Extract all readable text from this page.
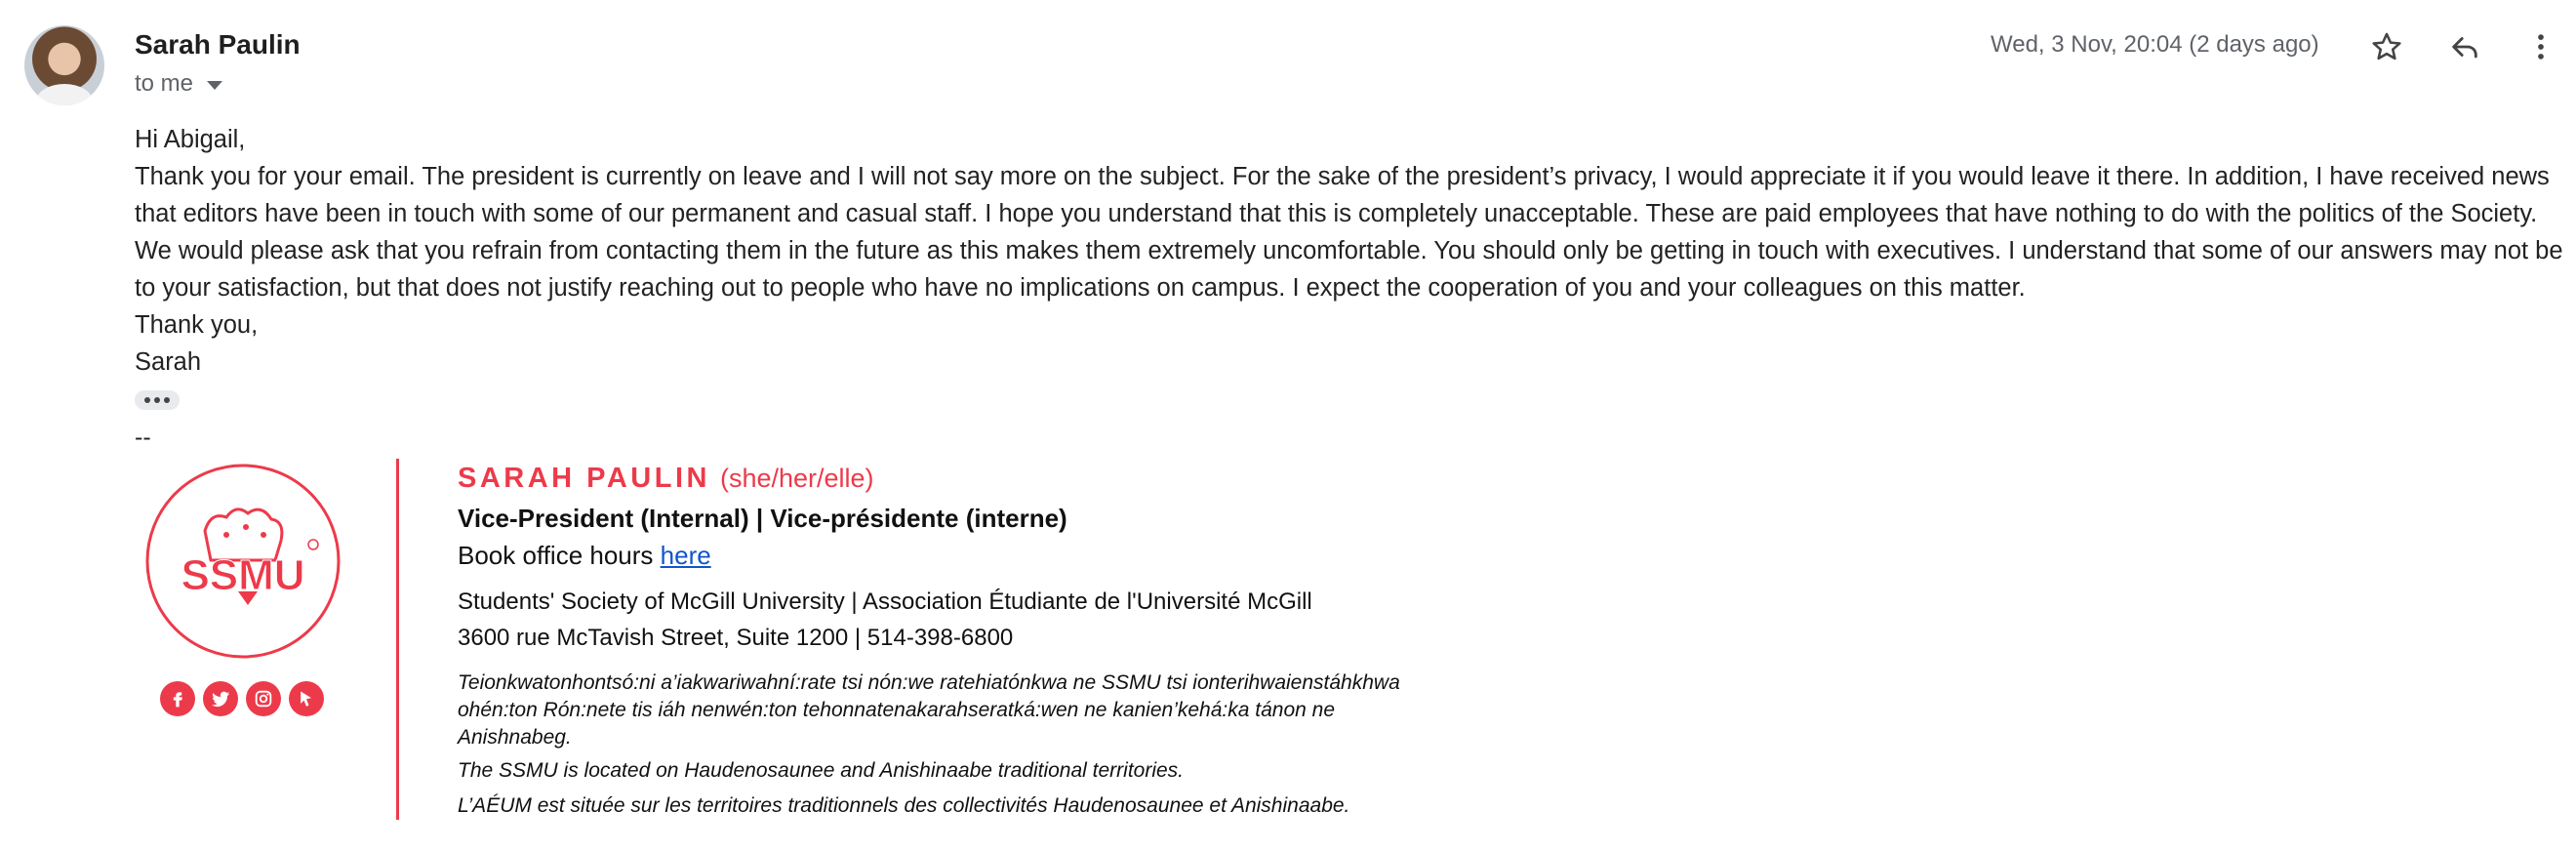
Sarah Paulin
to me
Wed, 3 Nov, 20:04 (2 days ago)

Hi Abigail,

Thank you for your email. The president is currently on leave and I will not say more on the subject. For the sake of the president’s privacy, I would appreciate it if you would leave it there. In addition, I have received news that editors have been in touch with some of our permanent and casual staff. I hope you understand that this is completely unacceptable. These are paid employees that have nothing to do with the politics of the Society. We would please ask that you refrain from contacting them in the future as this makes them extremely uncomfortable. You should only be getting in touch with executives. I understand that some of our answers may not be to your satisfaction, but that does not justify reaching out to people who have no implications on campus. I expect the cooperation of you and your colleagues on this matter.

Thank you,

Sarah

--
SSMU
SARAH PAULIN (she/her/elle)
Vice-President (Internal) | Vice-présidente (interne)
Book office hours here
Students' Society of McGill University | Association Étudiante de l'Université McGill
3600 rue McTavish Street, Suite 1200 | 514-398-6800
Teionkwatonhontsó:ni a’iakwariwahní:rate tsi nón:we ratehiatónkwa ne SSMU tsi ionterihwaienstáhkhwa ohén:ton Rón:nete tis iáh nenwén:ton tehonnatenakarahseratká:wen ne kanien’kehá:ka tánon ne Anishnabeg.
The SSMU is located on Haudenosaunee and Anishinaabe traditional territories.
L’AÉUM est située sur les territoires traditionnels des collectivités Haudenosaunee et Anishinaabe.
